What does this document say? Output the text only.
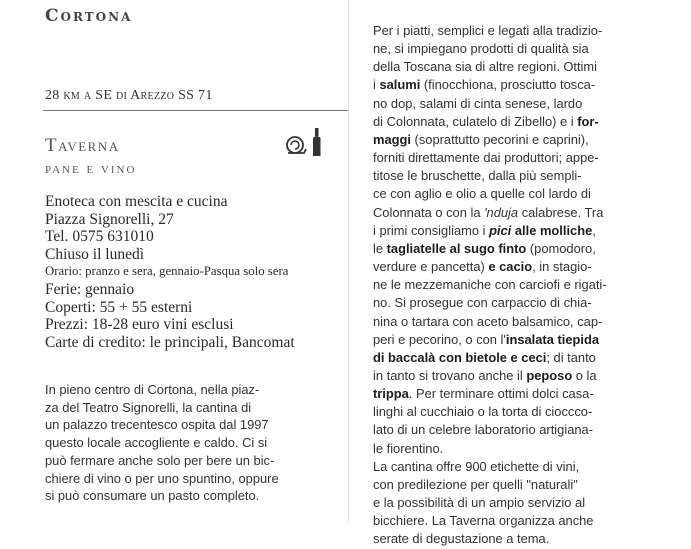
Cortona
28 km a SE di Arezzo SS 71
Taverna
pane e vino
Enoteca con mescita e cucina
Piazza Signorelli, 27
Tel. 0575 631010
Chiuso il lunedì
Orario: pranzo e sera, gennaio-Pasqua solo sera
Ferie: gennaio
Coperti: 55 + 55 esterni
Prezzi: 18-28 euro vini esclusi
Carte di credito: le principali, Bancomat
In pieno centro di Cortona, nella piaz-
za del Teatro Signorelli, la cantina di
un palazzo trecentesco ospita dal 1997
questo locale accogliente e caldo. Ci si
può fermare anche solo per bere un bic-
chiere di vino o per uno spuntino, oppure
si può consumare un pasto completo.
Per i piatti, semplici e legati alla tradizio-
ne, si impiegano prodotti di qualità sia
della Toscana sia di altre regioni. Ottimi
i salumi (finocchiona, prosciutto tosca-
no dop, salami di cinta senese, lardo
di Colonnata, culatelo di Zibello) e i for-
maggi (soprattutto pecorini e caprini),
forniti direttamente dai produttori; appe-
titose le bruschette, dalla più sempli-
ce con aglio e olio a quelle col lardo di
Colonnata o con la 'nduja calabrese. Tra
i primi consigliamo i pici alle molliche,
le tagliatelle al sugo finto (pomodoro,
verdure e pancetta) e cacio, in stagio-
ne le mezzemaniche con carciofi e rigati-
no. Si prosegue con carpaccio di chia-
nina o tartara con aceto balsamico, cap-
peri e pecorino, o con l'insalata tiepida
di baccalà con bietole e ceci; di tanto
in tanto si trovano anche il peposo o la
trippa. Per terminare ottimi dolci casa-
linghi al cucchiaio o la torta di cioccco-
lato di un celebre laboratorio artigiana-
le fiorentino.
La cantina offre 900 etichette di vini,
con predilezione per quelli "naturali"
e la possibilità di un ampio servizio al
bicchiere. La Taverna organizza anche
serate di degustazione a tema.
